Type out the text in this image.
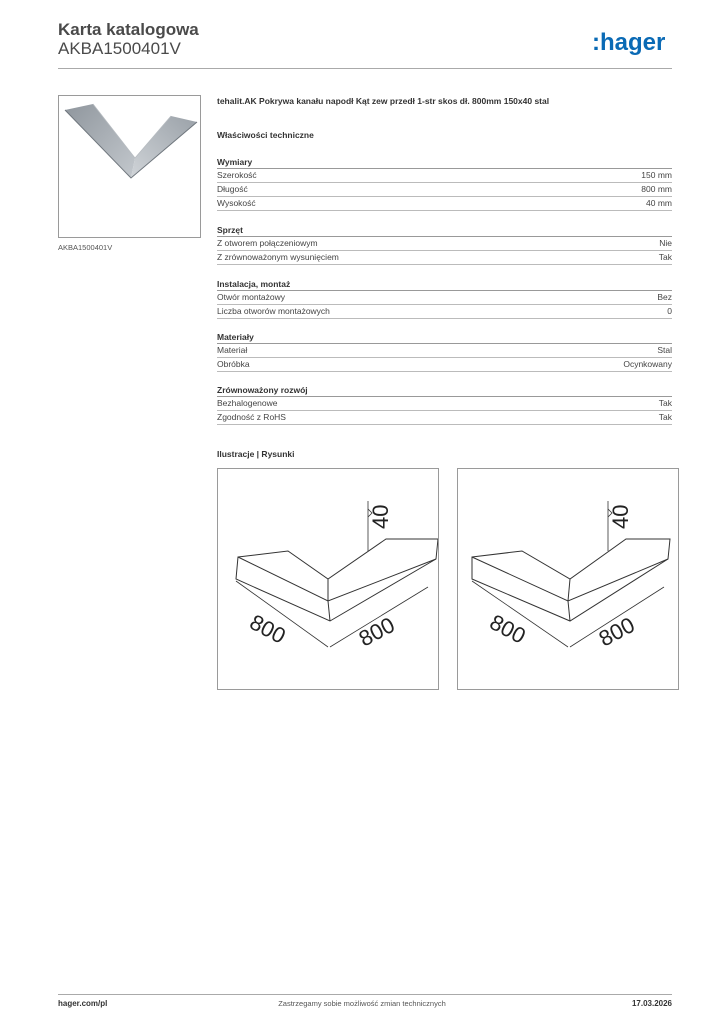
Karta katalogowa
AKBA1500401V	:hager
AKBA1500401V
tehalit.AK Pokrywa kanału napodł Kąt zew przedł 1-str skos dł. 800mm 150x40 stal
Właściwości techniczne
Wymiary
Szerokość	150 mm
Długość	800 mm
Wysokość	40 mm
Sprzęt
Z otworem połączeniowym	Nie
Z zrównoważonym wysunięciem	Tak
Instalacja, montaż
Otwór montażowy	Bez
Liczba otworów montażowych	0
Materiały
Materiał	Stal
Obróbka	Ocynkowany
Zrównoważony rozwój
Bezhalogenowe	Tak
Zgodność z RoHS	Tak
Ilustracje | Rysunki
40
800	800
40
800	800
hager.com/pl	Zastrzegamy sobie możliwość zmian technicznych	17.03.2026
